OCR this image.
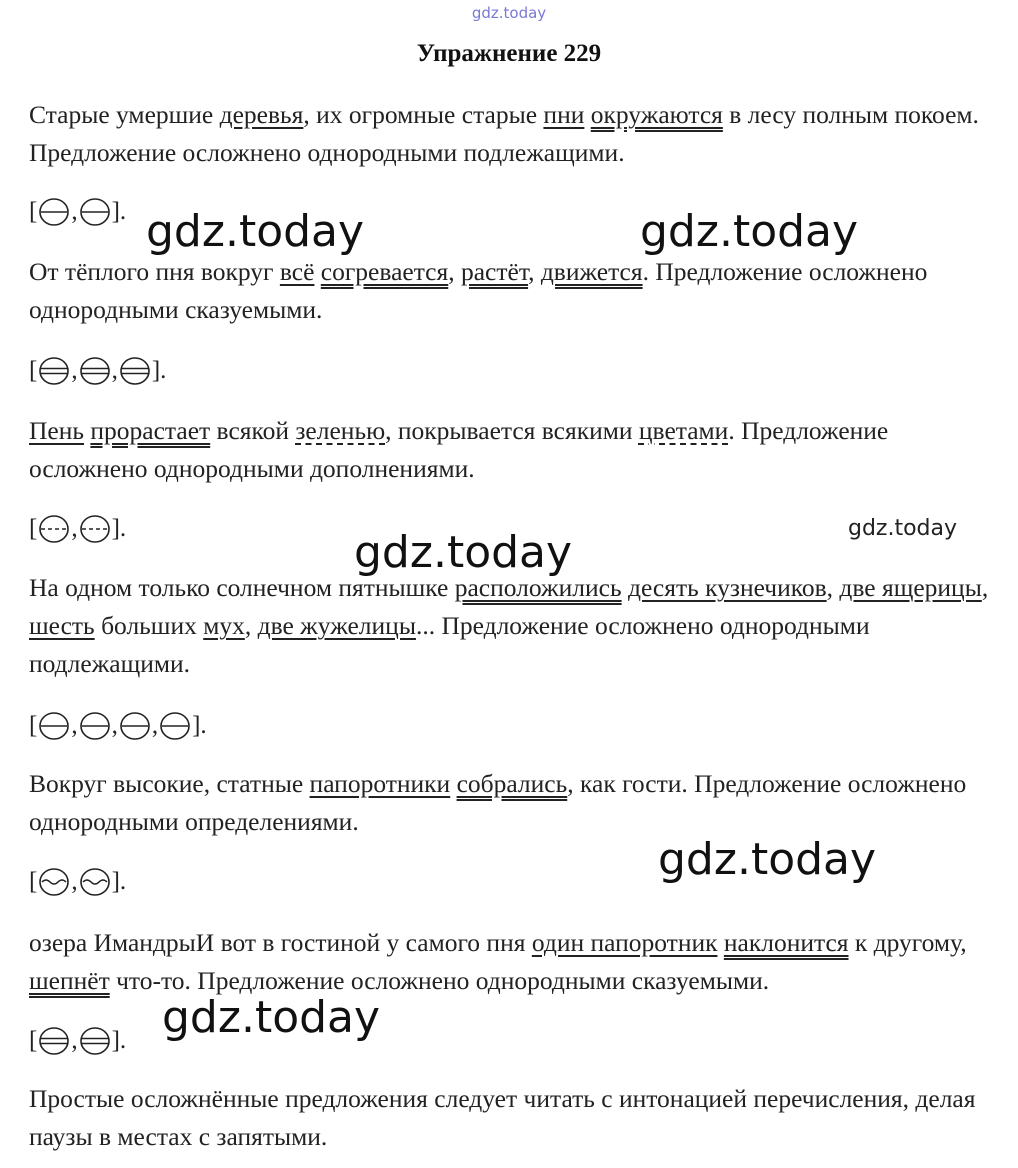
gdz.today
Упражнение 229

Старые умершие деревья, их огромные старые пни окружаются в лесу полным покоем. Предложение осложнено однородными подлежащими.

[ , ].

От тёплого пня вокруг всё согревается, растёт, движется. Предложение осложнено однородными сказуемыми.

[ , , ].

Пень прорастает всякой зеленью, покрывается всякими цветами. Предложение осложнено однородными дополнениями.

[ , ].

На одном только солнечном пятнышке расположились десять кузнечиков, две ящерицы, шесть больших мух, две жужелицы... Предложение осложнено однородными подлежащими.

[ , , , ].

Вокруг высокие, статные папоротники собрались, как гости. Предложение осложнено однородными определениями.

[ , ].

озера ИмандрыИ вот в гостиной у самого пня один папоротник наклонится к другому, шепнёт что-то. Предложение осложнено однородными сказуемыми.

[ , ].

Простые осложнённые предложения следует читать с интонацией перечисления, делая паузы в местах с запятыми.

gdz.today	gdz.today
gdz.today
gdz.today
gdz.today
gdz.today
